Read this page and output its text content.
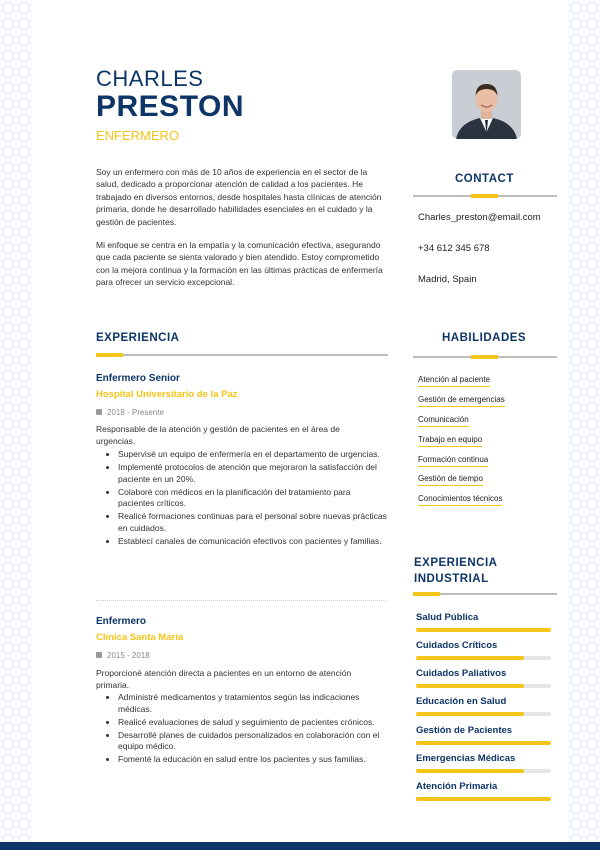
CHARLES
PRESTON
ENFERMERO

Soy un enfermero con más de 10 años de experiencia en el sector de la salud, dedicado a proporcionar atención de calidad a los pacientes. He trabajado en diversos entornos, desde hospitales hasta clínicas de atención primaria, donde he desarrollado habilidades esenciales en el cuidado y la gestión de pacientes.

Mi enfoque se centra en la empatía y la comunicación efectiva, asegurando que cada paciente se sienta valorado y bien atendido. Estoy comprometido con la mejora continua y la formación en las últimas prácticas de enfermería para ofrecer un servicio excepcional.

CONTACT
Charles_preston@email.com
+34 612 345 678
Madrid, Spain
EXPERIENCIA
Enfermero Senior
Hospital Universitario de la Paz
2018 - Presente
Responsable de la atención y gestión de pacientes en el área de urgencias.
• Supervisé un equipo de enfermería en el departamento de urgencias.
• Implementé protocolos de atención que mejoraron la satisfacción del paciente en un 20%.
• Colaboré con médicos en la planificación del tratamiento para pacientes críticos.
• Realicé formaciones continuas para el personal sobre nuevas prácticas en cuidados.
• Establecí canales de comunicación efectivos con pacientes y familias.
Enfermero
Clínica Santa María
2015 - 2018
Proporcioné atención directa a pacientes en un entorno de atención primaria.
• Administré medicamentos y tratamientos según las indicaciones médicas.
• Realicé evaluaciones de salud y seguimiento de pacientes crónicos.
• Desarrollé planes de cuidados personalizados en colaboración con el equipo médico.
• Fomenté la educación en salud entre los pacientes y sus familias.
HABILIDADES
Atención al paciente
Gestión de emergencias
Comunicación
Trabajo en equipo
Formación continua
Gestión de tiempo
Conocimientos técnicos
EXPERIENCIA
INDUSTRIAL
Salud Pública
Cuidados Críticos
Cuidados Paliativos
Educación en Salud
Gestión de Pacientes
Emergencias Médicas
Atención Primaria
